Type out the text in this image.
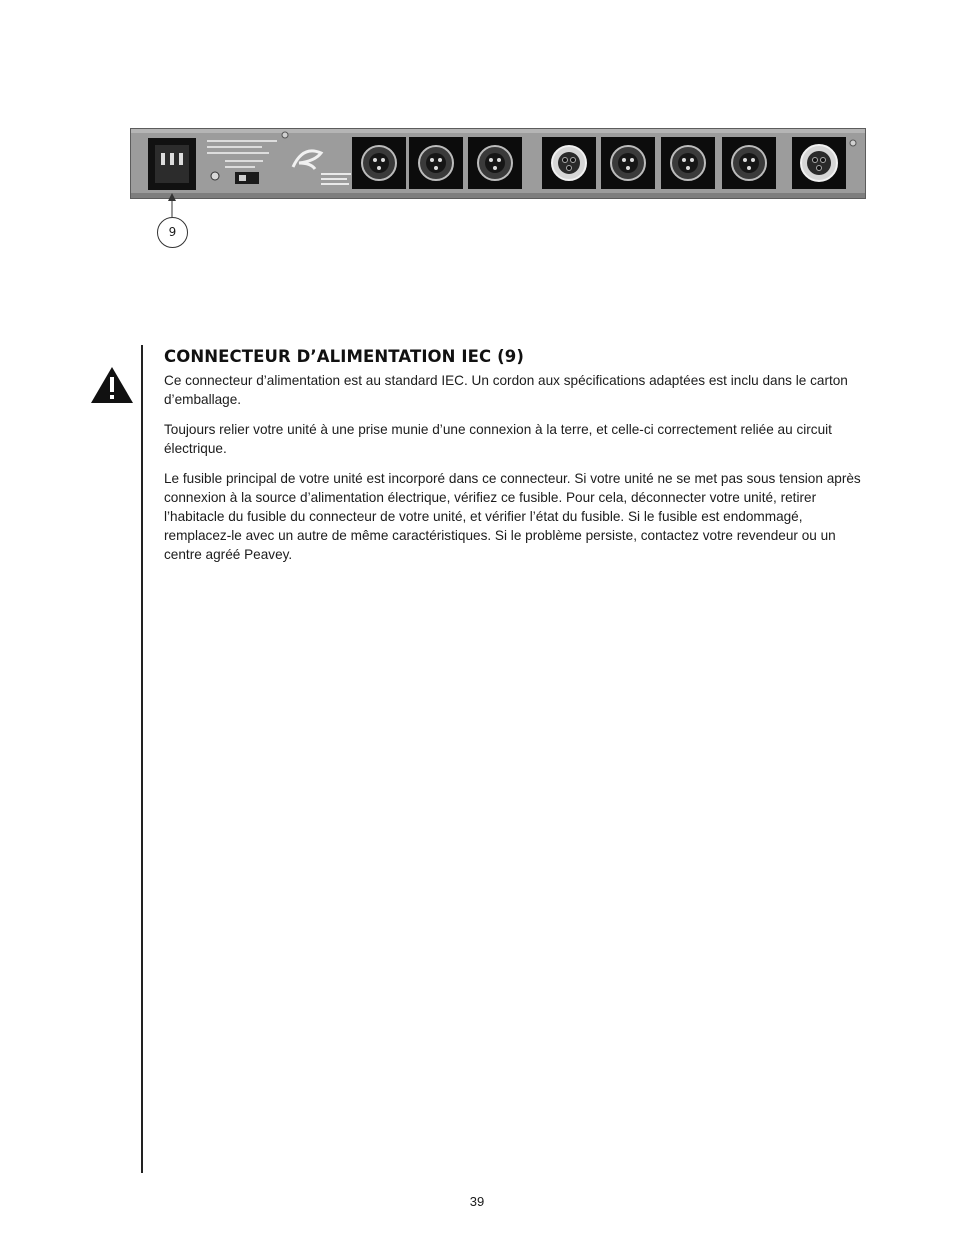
9
CONNECTEUR D’ALIMENTATION IEC (9)

Ce connecteur d’alimentation est au standard IEC. Un cordon aux spécifications adaptées est inclu dans le carton d’emballage.

Toujours relier votre unité à une prise munie d’une connexion à la terre, et celle-ci correctement reliée au circuit électrique.

Le fusible principal de votre unité est incorporé dans ce connecteur. Si votre unité ne se met pas sous tension après connexion à la source d’alimentation électrique, vérifiez ce fusible. Pour cela, déconnecter votre unité, retirer l’habitacle du fusible du connecteur de votre unité, et vérifier l’état du fusible. Si le fusible est endommagé, remplacez-le avec un autre de même caractéristiques. Si le problème persiste, contactez votre revendeur ou un centre agréé Peavey.

39
